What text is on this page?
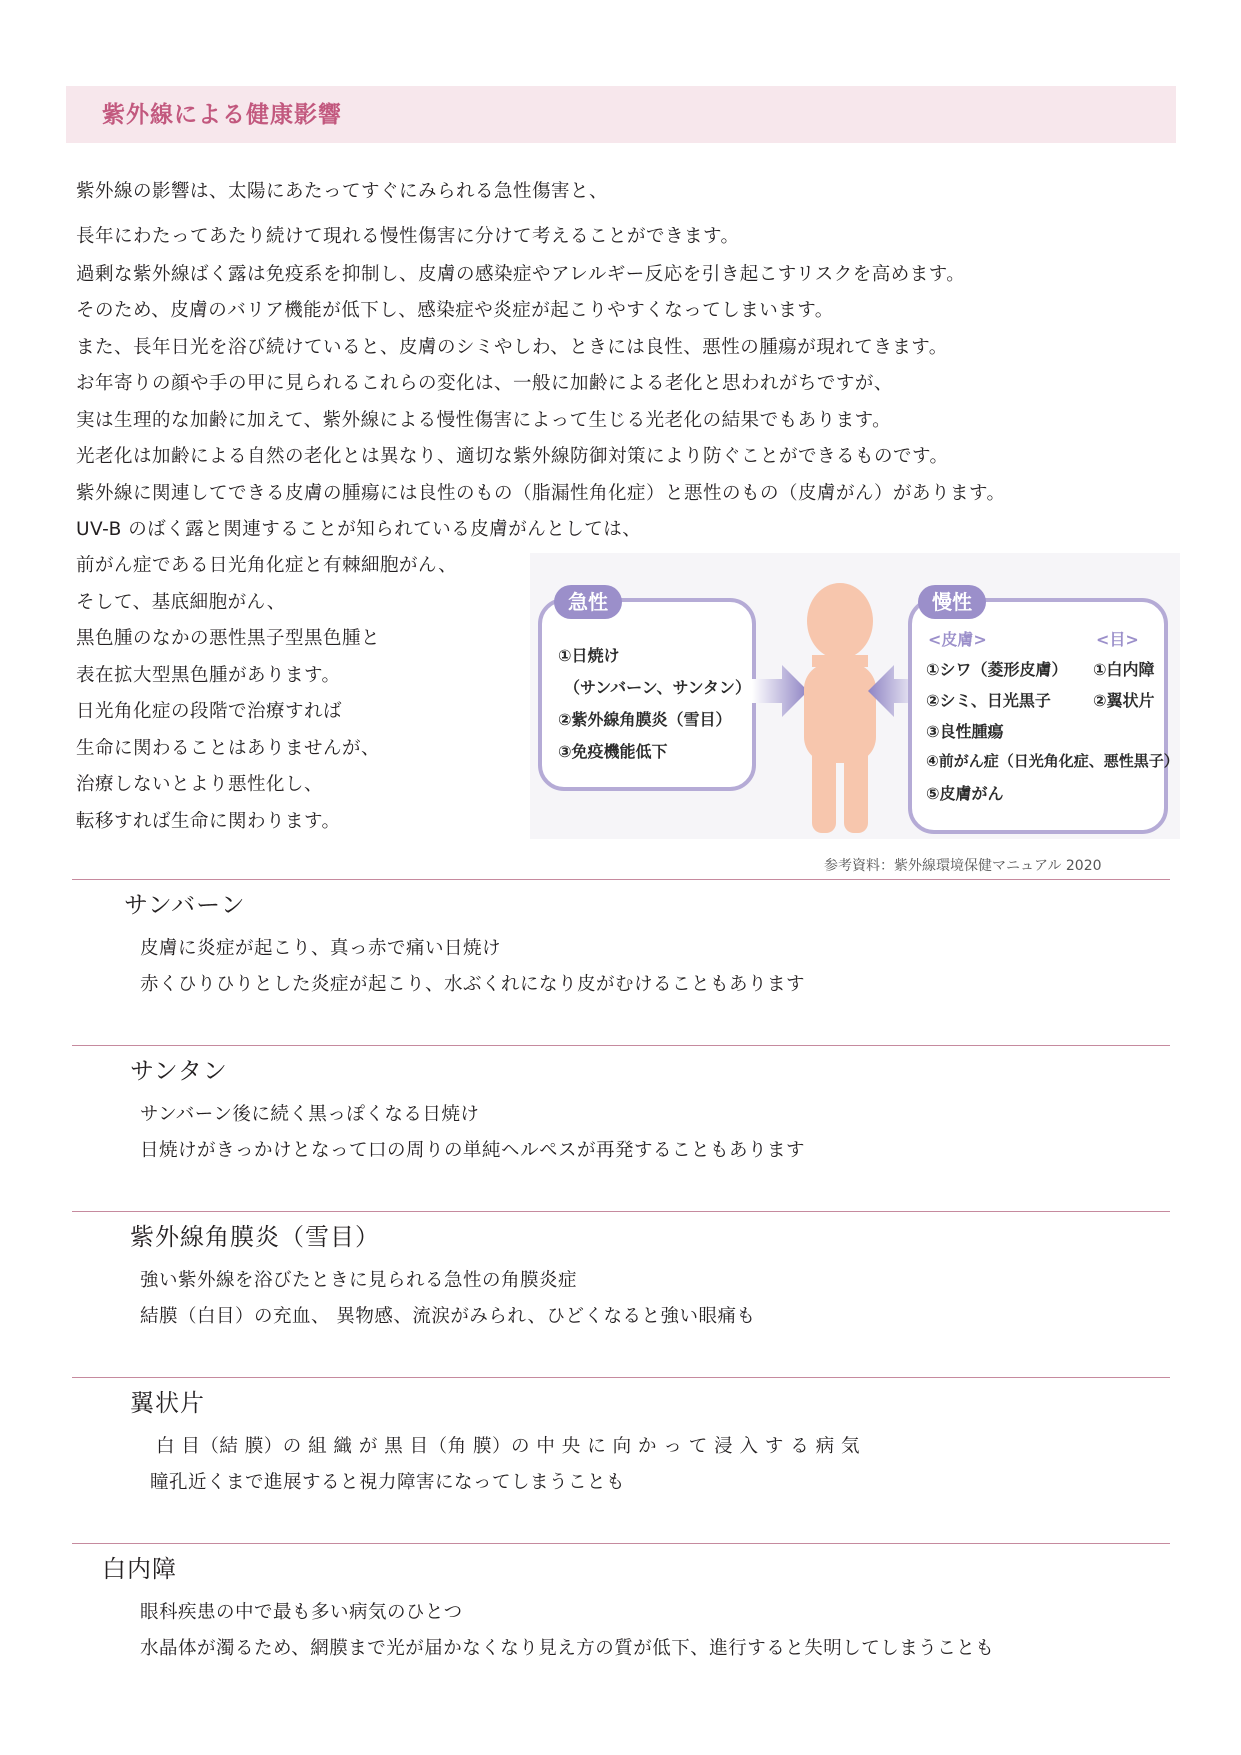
紫外線による健康影響
紫外線の影響は、太陽にあたってすぐにみられる急性傷害と、
長年にわたってあたり続けて現れる慢性傷害に分けて考えることができます。
過剰な紫外線ばく露は免疫系を抑制し、皮膚の感染症やアレルギー反応を引き起こすリスクを高めます。
そのため、皮膚のバリア機能が低下し、感染症や炎症が起こりやすくなってしまいます。
また、長年日光を浴び続けていると、皮膚のシミやしわ、ときには良性、悪性の腫瘍が現れてきます。
お年寄りの顔や手の甲に見られるこれらの変化は、一般に加齢による老化と思われがちですが、
実は生理的な加齢に加えて、紫外線による慢性傷害によって生じる光老化の結果でもあります。
光老化は加齢による自然の老化とは異なり、適切な紫外線防御対策により防ぐことができるものです。
紫外線に関連してできる皮膚の腫瘍には良性のもの（脂漏性角化症）と悪性のもの（皮膚がん）があります。
UV-B のばく露と関連することが知られている皮膚がんとしては、
前がん症である日光角化症と有棘細胞がん、
そして、基底細胞がん、
黒色腫のなかの悪性黒子型黒色腫と
表在拡大型黒色腫があります。
日光角化症の段階で治療すれば
生命に関わることはありませんが、
治療しないとより悪性化し、
転移すれば生命に関わります。
急性
①日焼け
（サンバーン、サンタン）
②紫外線角膜炎（雪目）
③免疫機能低下
慢性
<皮膚>	<目>
①シワ（菱形皮膚）
②シミ、日光黒子
③良性腫瘍
④前がん症（日光角化症、悪性黒子）
⑤皮膚がん
①白内障
②翼状片
参考資料：紫外線環境保健マニュアル 2020
サンバーン
皮膚に炎症が起こり、真っ赤で痛い日焼け
赤くひりひりとした炎症が起こり、水ぶくれになり皮がむけることもあります
サンタン
サンバーン後に続く黒っぽくなる日焼け
日焼けがきっかけとなって口の周りの単純ヘルペスが再発することもあります
紫外線角膜炎（雪目）
強い紫外線を浴びたときに見られる急性の角膜炎症
結膜（白目）の充血、 異物感、流涙がみられ、ひどくなると強い眼痛も
翼状片
白 目（結 膜）の 組 織 が 黒 目（角 膜）の 中 央 に 向 か っ て 浸 入 す る 病 気
瞳孔近くまで進展すると視力障害になってしまうことも
白内障
眼科疾患の中で最も多い病気のひとつ
水晶体が濁るため、網膜まで光が届かなくなり見え方の質が低下、進行すると失明してしまうことも
